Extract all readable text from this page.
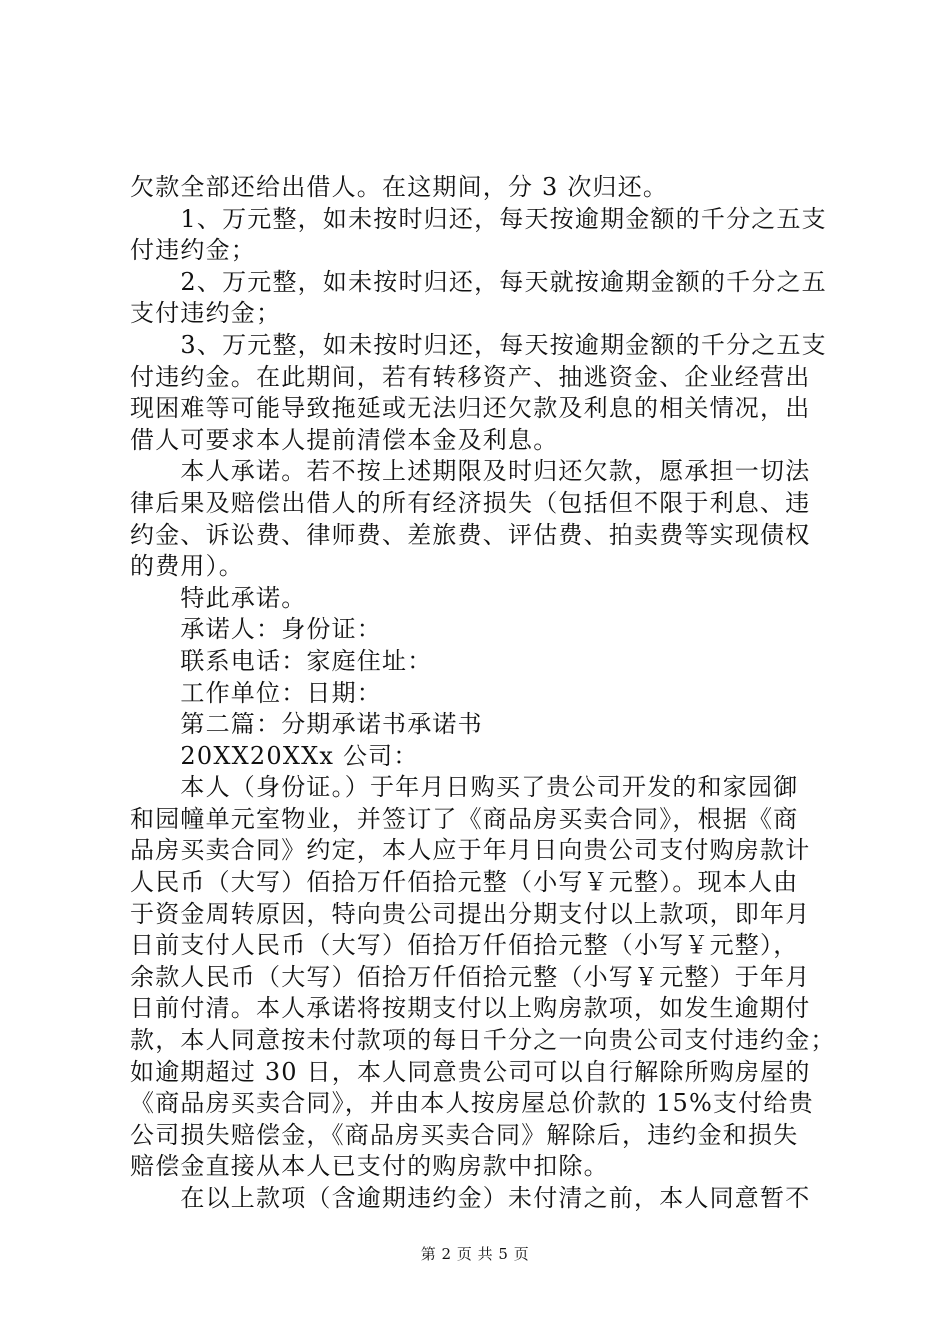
欠款全部还给出借人。在这期间，分 3 次归还。
　　1、万元整，如未按时归还，每天按逾期金额的千分之五支
付违约金；
　　2、万元整，如未按时归还，每天就按逾期金额的千分之五
支付违约金；
　　3、万元整，如未按时归还，每天按逾期金额的千分之五支
付违约金。在此期间，若有转移资产、抽逃资金、企业经营出
现困难等可能导致拖延或无法归还欠款及利息的相关情况，出
借人可要求本人提前清偿本金及利息。
　　本人承诺。若不按上述期限及时归还欠款，愿承担一切法
律后果及赔偿出借人的所有经济损失（包括但不限于利息、违
约金、诉讼费、律师费、差旅费、评估费、拍卖费等实现债权
的费用）。
　　特此承诺。
　　承诺人：身份证：
　　联系电话：家庭住址：
　　工作单位：日期：
　　第二篇：分期承诺书承诺书
　　20XX20XXx 公司：
　　本人（身份证。）于年月日购买了贵公司开发的和家园御
和园幢单元室物业，并签订了《商品房买卖合同》，根据《商
品房买卖合同》约定，本人应于年月日向贵公司支付购房款计
人民币（大写）佰拾万仟佰拾元整（小写￥元整）。现本人由
于资金周转原因，特向贵公司提出分期支付以上款项，即年月
日前支付人民币（大写）佰拾万仟佰拾元整（小写￥元整），
余款人民币（大写）佰拾万仟佰拾元整（小写￥元整）于年月
日前付清。本人承诺将按期支付以上购房款项，如发生逾期付
款，本人同意按未付款项的每日千分之一向贵公司支付违约金；
如逾期超过 30 日，本人同意贵公司可以自行解除所购房屋的
《商品房买卖合同》，并由本人按房屋总价款的 15%支付给贵
公司损失赔偿金，《商品房买卖合同》解除后，违约金和损失
赔偿金直接从本人已支付的购房款中扣除。
　　在以上款项（含逾期违约金）未付清之前，本人同意暂不
第 2 页 共 5 页
